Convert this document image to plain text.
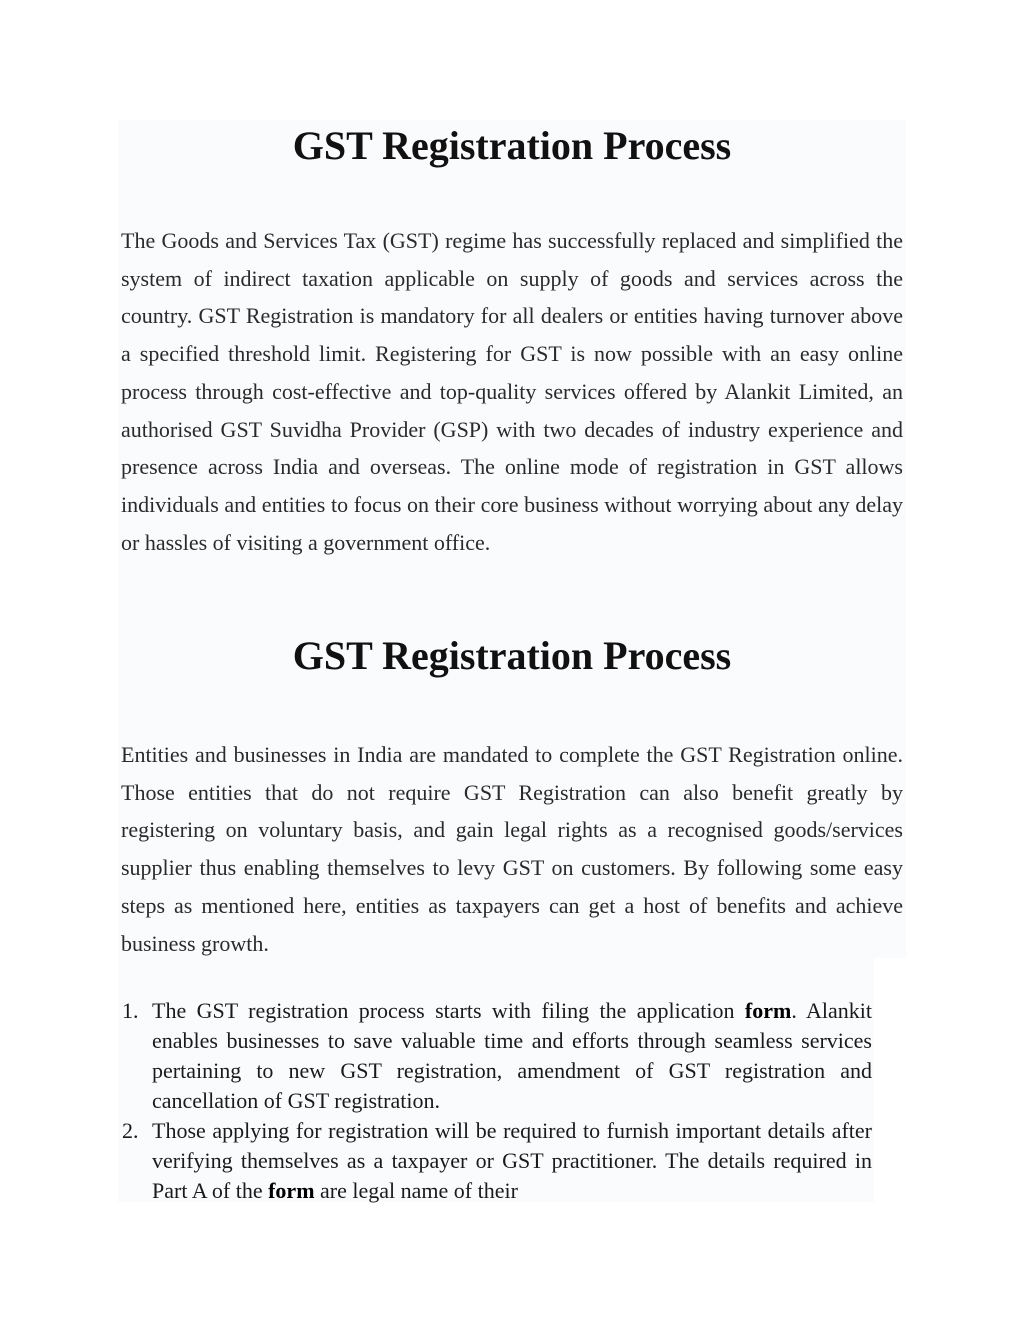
GST Registration Process

The Goods and Services Tax (GST) regime has successfully replaced and simplified the system of indirect taxation applicable on supply of goods and services across the country. GST Registration is mandatory for all dealers or entities having turnover above a specified threshold limit. Registering for GST is now possible with an easy online process through cost-effective and top-quality services offered by Alankit Limited, an authorised GST Suvidha Provider (GSP) with two decades of industry experience and presence across India and overseas. The online mode of registration in GST allows individuals and entities to focus on their core business without worrying about any delay or hassles of visiting a government office.

GST Registration Process

Entities and businesses in India are mandated to complete the GST Registration online. Those entities that do not require GST Registration can also benefit greatly by registering on voluntary basis, and gain legal rights as a recognised goods/services supplier thus enabling themselves to levy GST on customers. By following some easy steps as mentioned here, entities as taxpayers can get a host of benefits and achieve business growth.

1. The GST registration process starts with filing the application form. Alankit enables businesses to save valuable time and efforts through seamless services pertaining to new GST registration, amendment of GST registration and cancellation of GST registration.
2. Those applying for registration will be required to furnish important details after verifying themselves as a taxpayer or GST practitioner. The details required in Part A of the form are legal name of their
